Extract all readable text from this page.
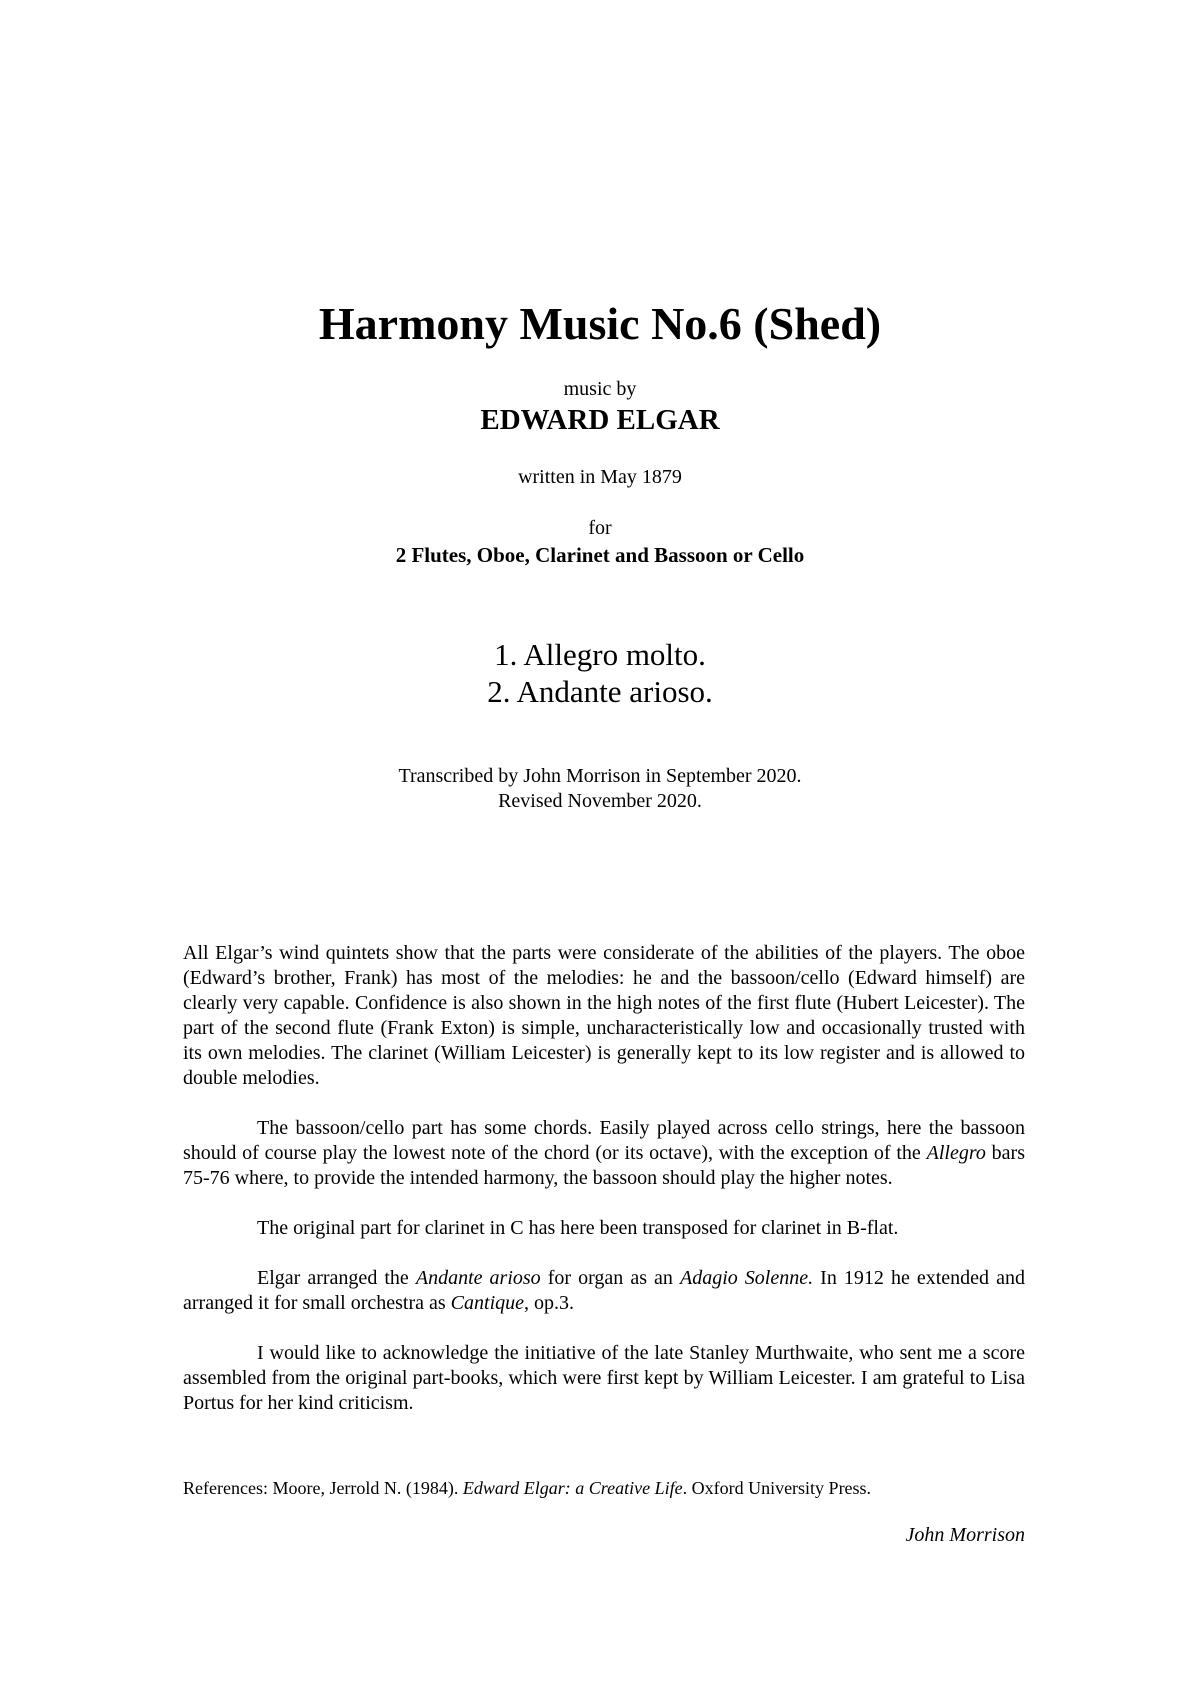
Harmony Music No.6 (Shed)
music by
EDWARD ELGAR
written in May 1879
for
2 Flutes, Oboe, Clarinet and Bassoon or Cello
1. Allegro molto.
2. Andante arioso.
Transcribed by John Morrison in September 2020.
Revised November 2020.

All Elgar’s wind quintets show that the parts were considerate of the abilities of the players. The oboe (Edward’s brother, Frank) has most of the melodies: he and the bassoon/cello (Edward himself) are clearly very capable. Confidence is also shown in the high notes of the first flute (Hubert Leicester). The part of the second flute (Frank Exton) is simple, uncharacteristically low and occasionally trusted with its own melodies. The clarinet (William Leicester) is generally kept to its low register and is allowed to double melodies.

The bassoon/cello part has some chords. Easily played across cello strings, here the bassoon should of course play the lowest note of the chord (or its octave), with the exception of the Allegro bars 75-76 where, to provide the intended harmony, the bassoon should play the higher notes.

The original part for clarinet in C has here been transposed for clarinet in B-flat.

Elgar arranged the Andante arioso for organ as an Adagio Solenne. In 1912 he extended and arranged it for small orchestra as Cantique, op.3.

I would like to acknowledge the initiative of the late Stanley Murthwaite, who sent me a score assembled from the original part-books, which were first kept by William Leicester. I am grateful to Lisa Portus for her kind criticism.

References: Moore, Jerrold N. (1984). Edward Elgar: a Creative Life. Oxford University Press.
John Morrison
